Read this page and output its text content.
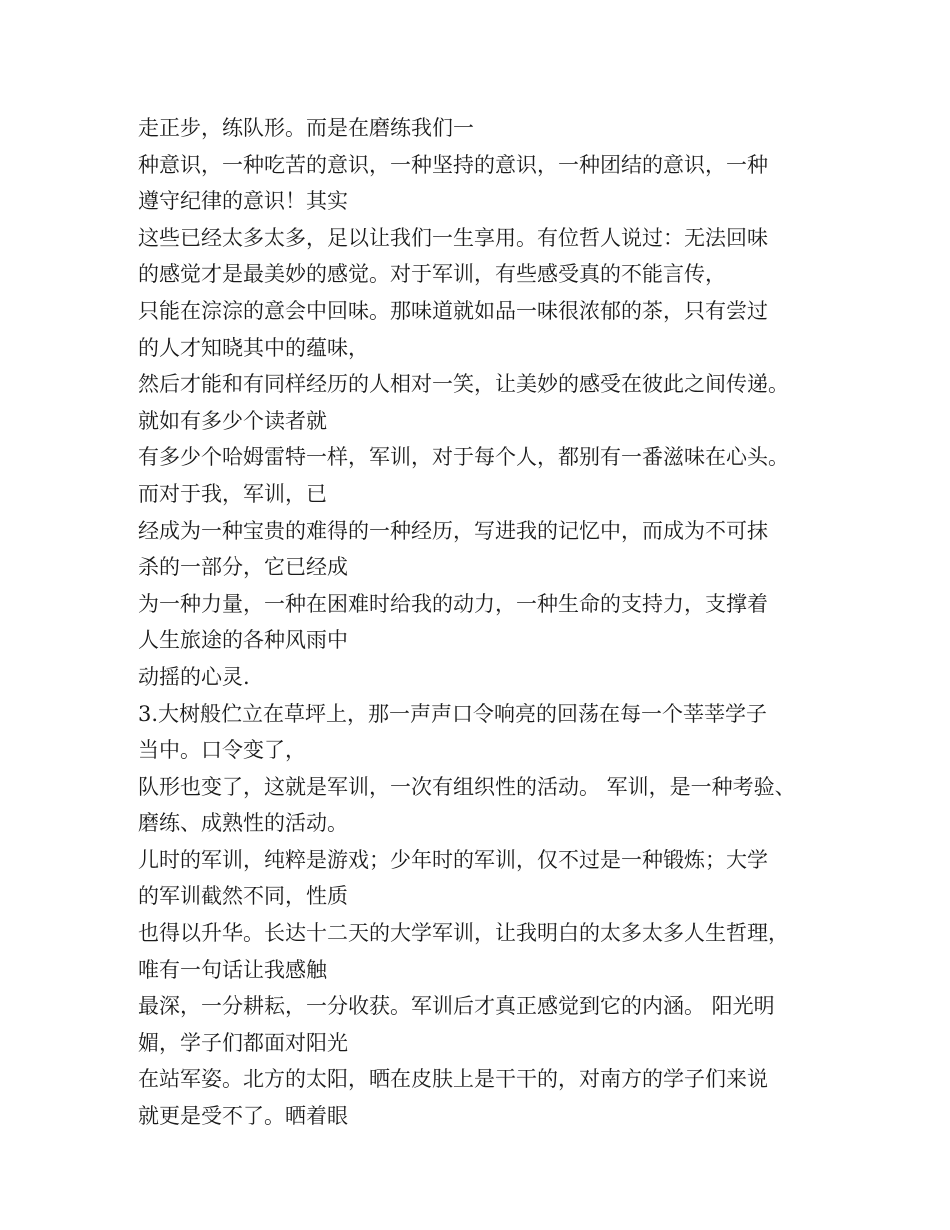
走正步，练队形。而是在磨练我们一
种意识，一种吃苦的意识，一种坚持的意识，一种团结的意识，一种
遵守纪律的意识！其实
这些已经太多太多，足以让我们一生享用。有位哲人说过：无法回味
的感觉才是最美妙的感觉。对于军训，有些感受真的不能言传，
只能在淙淙的意会中回味。那味道就如品一味很浓郁的茶，只有尝过
的人才知晓其中的蕴味，
然后才能和有同样经历的人相对一笑，让美妙的感受在彼此之间传递。
就如有多少个读者就
有多少个哈姆雷特一样，军训，对于每个人，都别有一番滋味在心头。
而对于我，军训，已
经成为一种宝贵的难得的一种经历，写进我的记忆中，而成为不可抹
杀的一部分，它已经成
为一种力量，一种在困难时给我的动力，一种生命的支持力，支撑着
人生旅途的各种风雨中
动摇的心灵.
3.大树般伫立在草坪上，那一声声口令响亮的回荡在每一个莘莘学子
当中。口令变了，
队形也变了，这就是军训，一次有组织性的活动。 军训，是一种考验、
磨练、成熟性的活动。
儿时的军训，纯粹是游戏；少年时的军训，仅不过是一种锻炼；大学
的军训截然不同，性质
也得以升华。长达十二天的大学军训，让我明白的太多太多人生哲理，
唯有一句话让我感触
最深，一分耕耘，一分收获。军训后才真正感觉到它的内涵。 阳光明
媚，学子们都面对阳光
在站军姿。北方的太阳，晒在皮肤上是干干的，对南方的学子们来说
就更是受不了。晒着眼
